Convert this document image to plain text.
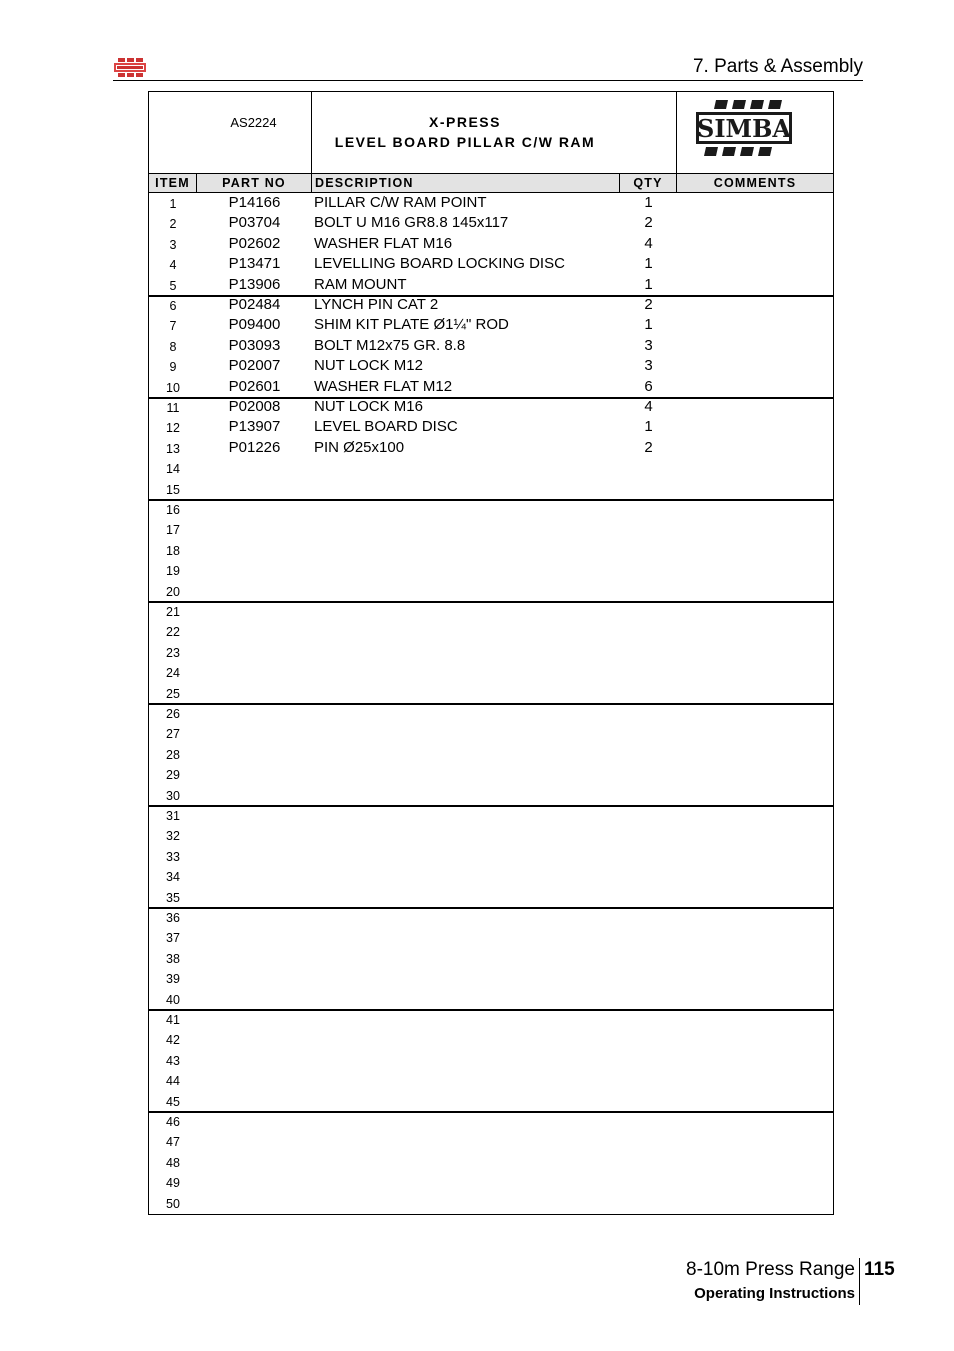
7. Parts & Assembly
AS2224	X-PRESS
LEVEL BOARD PILLAR C/W RAM	SIMBA
ITEM	PART NO	DESCRIPTION	QTY	COMMENTS
1	P14166	PILLAR C/W RAM POINT	1
2	P03704	BOLT U M16 GR8.8 145x117	2
3	P02602	WASHER FLAT M16	4
4	P13471	LEVELLING BOARD LOCKING DISC	1
5	P13906	RAM MOUNT	1
6	P02484	LYNCH PIN CAT 2	2
7	P09400	SHIM KIT PLATE Ø1¼" ROD	1
8	P03093	BOLT M12x75 GR. 8.8	3
9	P02007	NUT LOCK M12	3
10	P02601	WASHER FLAT M12	6
11	P02008	NUT LOCK M16	4
12	P13907	LEVEL BOARD DISC	1
13	P01226	PIN Ø25x100	2
14
15
16
17
18
19
20
21
22
23
24
25
26
27
28
29
30
31
32
33
34
35
36
37
38
39
40
41
42
43
44
45
46
47
48
49
50
8-10m Press Range 115
Operating Instructions
